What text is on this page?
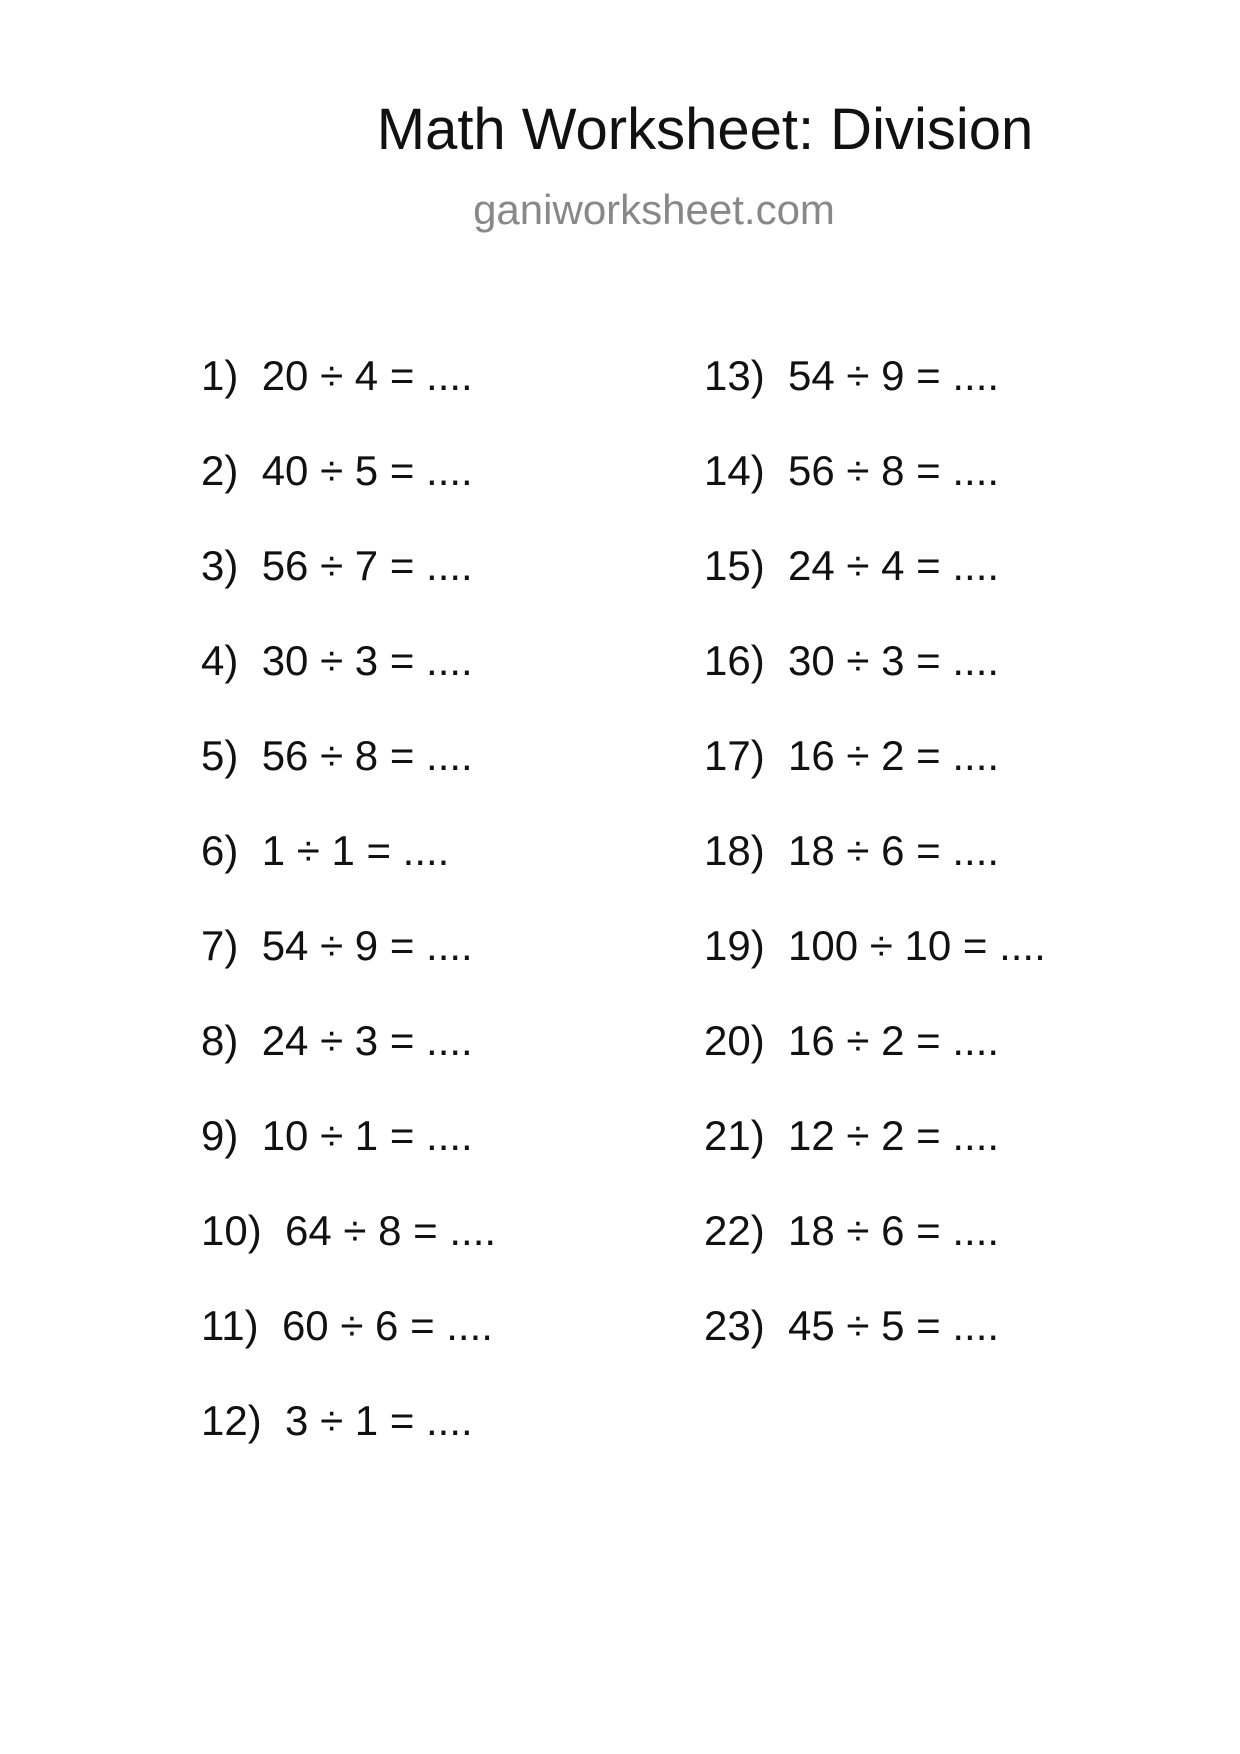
Math Worksheet: Division
ganiworksheet.com
1) 20 ÷ 4 = ....
2) 40 ÷ 5 = ....
3) 56 ÷ 7 = ....
4) 30 ÷ 3 = ....
5) 56 ÷ 8 = ....
6) 1 ÷ 1 = ....
7) 54 ÷ 9 = ....
8) 24 ÷ 3 = ....
9) 10 ÷ 1 = ....
10) 64 ÷ 8 = ....
11) 60 ÷ 6 = ....
12) 3 ÷ 1 = ....
13) 54 ÷ 9 = ....
14) 56 ÷ 8 = ....
15) 24 ÷ 4 = ....
16) 30 ÷ 3 = ....
17) 16 ÷ 2 = ....
18) 18 ÷ 6 = ....
19) 100 ÷ 10 = ....
20) 16 ÷ 2 = ....
21) 12 ÷ 2 = ....
22) 18 ÷ 6 = ....
23) 45 ÷ 5 = ....
